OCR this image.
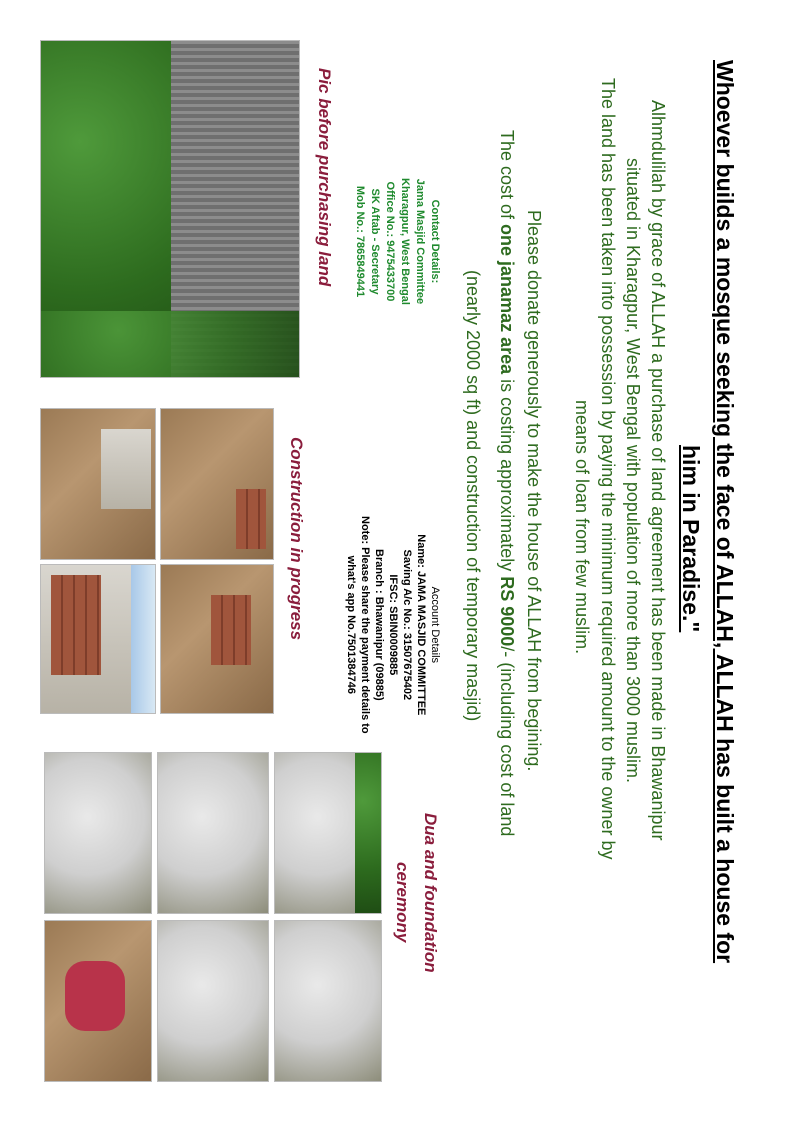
Whoever builds a mosque seeking the face of ALLAH, ALLAH has built a house for
him in Paradise."
Alhmdulilah by grace of ALLAH a purchase of land agreement has been made in Bhawanipur
situated in Kharagpur, West Bengal with population of more than 3000 muslim.
The land has been taken into possession by paying the minimum required amount to the owner by
means of loan from few muslim.
Please donate generously to make the house of ALLAH from begining.
The cost of one janamaz area is costing approximately RS 9000/- (including cost of land
(nearly 2000 sq ft) and construction of temporary masjid)
Contact Details:
Jama Masjid Committee
Kharagpur, West Bengal
Office No.: 9475433700
SK Aftab - Secretary
Mob No.: 7865849441
Account Details
Name: JAMA MASJID COMMITTEE
Saving A/c No.: 31507675402
IFSC: SBIN0009885
Branch : Bhawanipur (09885)
Note: Please share the payment details to
what's app No.7501384746
Pic before purchasing land
Construction in progress
Dua and foundation
ceremony
